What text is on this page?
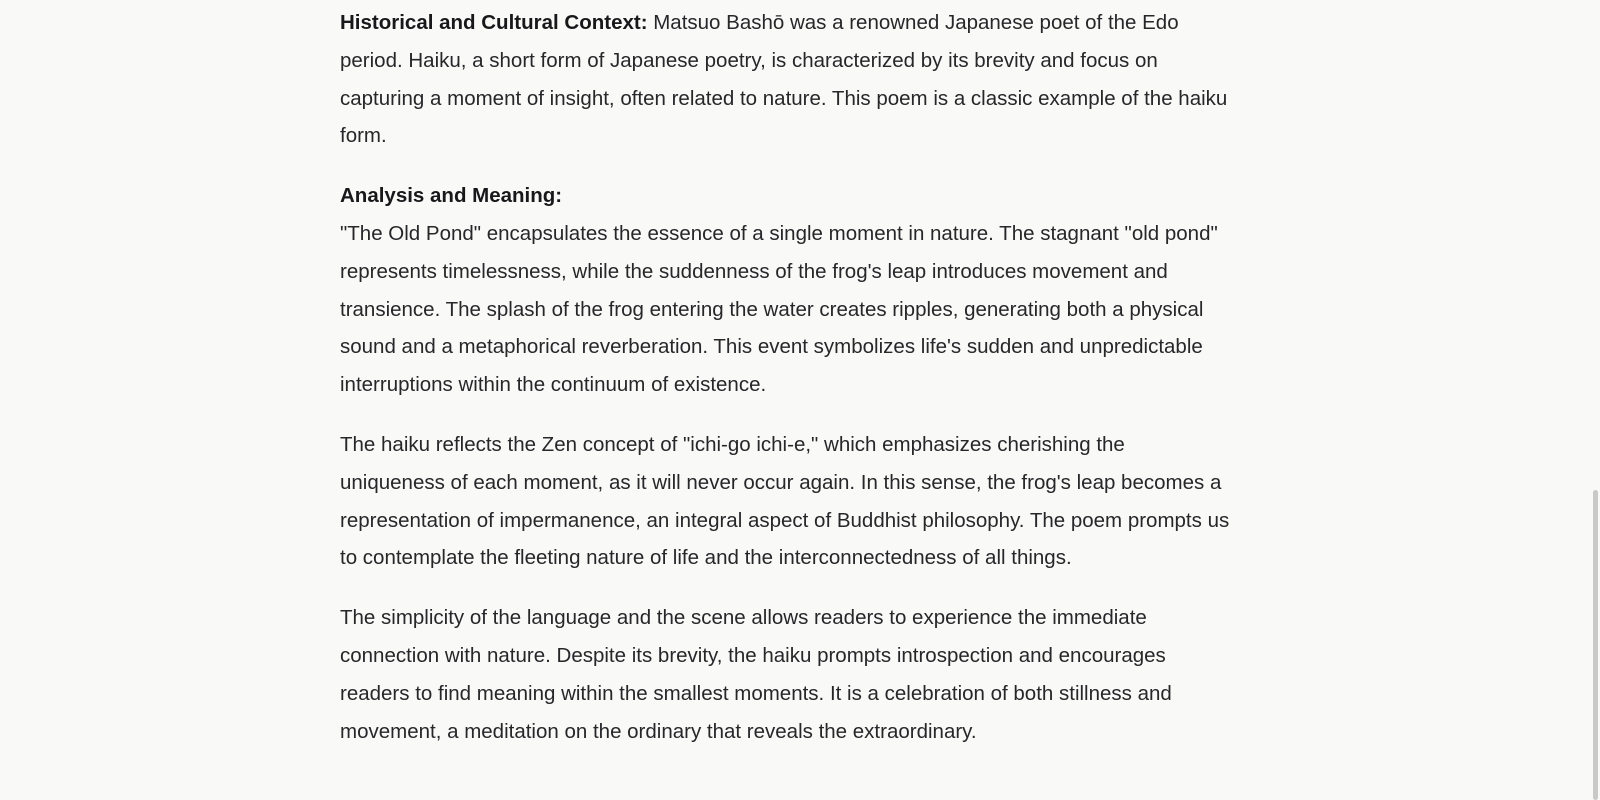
Historical and Cultural Context: Matsuo Bashō was a renowned Japanese poet of the Edo period. Haiku, a short form of Japanese poetry, is characterized by its brevity and focus on capturing a moment of insight, often related to nature. This poem is a classic example of the haiku form.

Analysis and Meaning:

"The Old Pond" encapsulates the essence of a single moment in nature. The stagnant "old pond" represents timelessness, while the suddenness of the frog's leap introduces movement and transience. The splash of the frog entering the water creates ripples, generating both a physical sound and a metaphorical reverberation. This event symbolizes life's sudden and unpredictable interruptions within the continuum of existence.

The haiku reflects the Zen concept of "ichi-go ichi-e," which emphasizes cherishing the uniqueness of each moment, as it will never occur again. In this sense, the frog's leap becomes a representation of impermanence, an integral aspect of Buddhist philosophy. The poem prompts us to contemplate the fleeting nature of life and the interconnectedness of all things.

The simplicity of the language and the scene allows readers to experience the immediate connection with nature. Despite its brevity, the haiku prompts introspection and encourages readers to find meaning within the smallest moments. It is a celebration of both stillness and movement, a meditation on the ordinary that reveals the extraordinary.
